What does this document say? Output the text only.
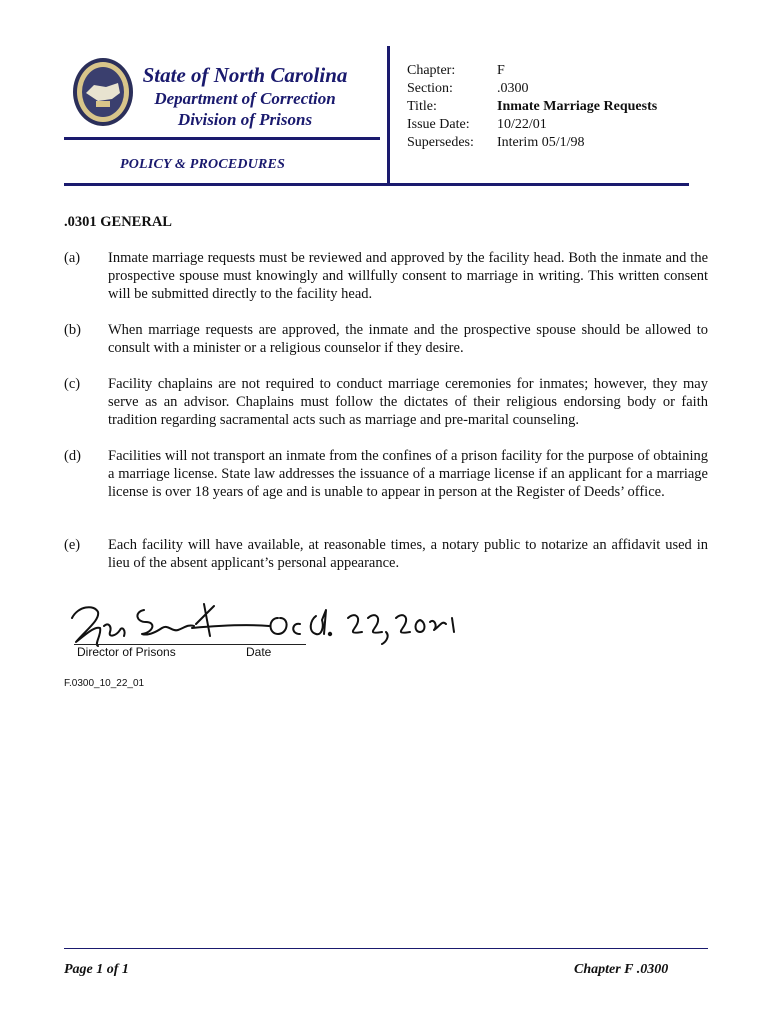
State of North Carolina
Department of Correction
Division of Prisons
POLICY & PROCEDURES
Chapter:	F
Section:	.0300
Title:	Inmate Marriage Requests
Issue Date:	10/22/01
Supersedes:	Interim 05/1/98
.0301 GENERAL
(a)	Inmate marriage requests must be reviewed and approved by the facility head. Both the inmate and the prospective spouse must knowingly and willfully consent to marriage in writing. This written consent will be submitted directly to the facility head.
(b)	When marriage requests are approved, the inmate and the prospective spouse should be allowed to consult with a minister or a religious counselor if they desire.
(c)	Facility chaplains are not required to conduct marriage ceremonies for inmates; however, they may serve as an advisor. Chaplains must follow the dictates of their religious endorsing body or faith tradition regarding sacramental acts such as marriage and pre-marital counseling.
(d)	Facilities will not transport an inmate from the confines of a prison facility for the purpose of obtaining a marriage license. State law addresses the issuance of a marriage license if an applicant for a marriage license is over 18 years of age and is unable to appear in person at the Register of Deeds’ office.
(e)	Each facility will have available, at reasonable times, a notary public to notarize an affidavit used in lieu of the absent applicant’s personal appearance.
Director of Prisons	Date
F.0300_10_22_01
Page 1 of 1	Chapter F .0300
